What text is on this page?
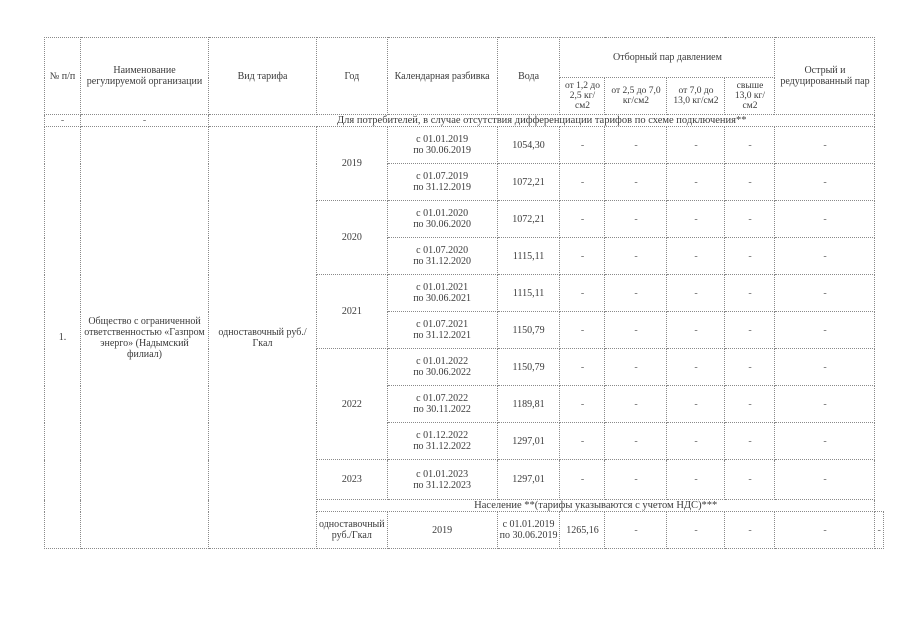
№ п/п	Наименование регулируемой организации	Вид тарифа	Год	Календарная разбивка	Вода	Отборный пар давлением				Острый и редуцированный пар	
						от 1,2 до 2,5 кг/см2	от 2,5 до 7,0 кг/см2	от 7,0 до 13,0 кг/см2	свыше 13,0 кг/см2		
-	-	Для потребителей, в случае отсутствия дифференциации тарифов по схеме подключения**									
1.	Общество с ограниченной ответственностью «Газпром энерго» (Надымский филиал)	одноставочный руб./Гкал	2019	с 01.01.2019
по 30.06.2019	1054,30	-	-	-	-	-	

				с 01.07.2019
по 31.12.2019	1072,21	-	-	-	-	-	
			2020	с 01.01.2020
по 30.06.2020	1072,21	-	-	-	-	-	

				с 01.07.2020
по 31.12.2020	1115,11	-	-	-	-	-	
			2021	с 01.01.2021
по 30.06.2021	1115,11	-	-	-	-	-	

				с 01.07.2021
по 31.12.2021	1150,79	-	-	-	-	-	
			2022	с 01.01.2022
по 30.06.2022	1150,79	-	-	-	-	-	

				с 01.07.2022
по 30.11.2022	1189,81	-	-	-	-	-	

				с 01.12.2022
по 31.12.2022	1297,01	-	-	-	-	-	
			2023	с 01.01.2023
по 31.12.2023	1297,01	-	-	-	-	-	
			Население **(тарифы указываются с учетом НДС)***								
			одноставочный руб./Гкал	2019	с 01.01.2019
по 30.06.2019	1265,16	-	-	-	-	-
